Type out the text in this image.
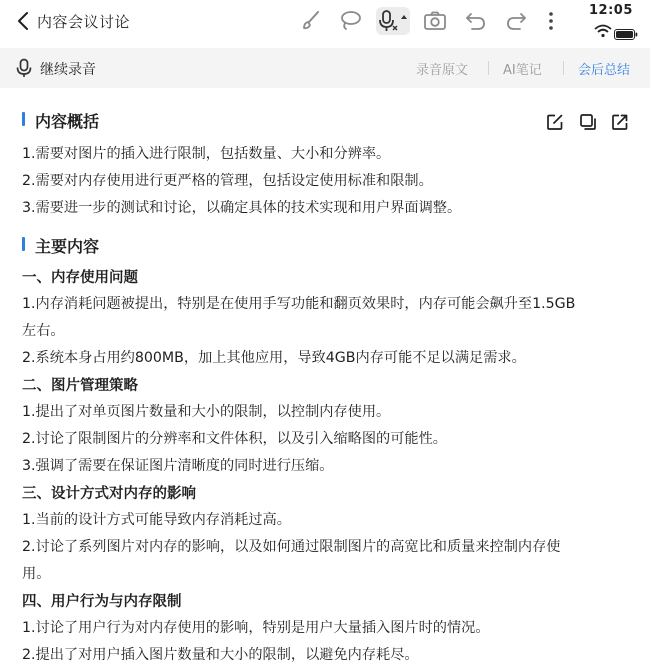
内容会议讨论
12:05
继续录音	录音原文	AI笔记	会后总结
内容概括
1.需要对图片的插入进行限制，包括数量、大小和分辨率。
2.需要对内存使用进行更严格的管理，包括设定使用标准和限制。
3.需要进一步的测试和讨论，以确定具体的技术实现和用户界面调整。
主要内容
一、内存使用问题
1.内存消耗问题被提出，特别是在使用手写功能和翻页效果时，内存可能会飙升至1.5GB
左右。
2.系统本身占用约800MB，加上其他应用，导致4GB内存可能不足以满足需求。
二、图片管理策略
1.提出了对单页图片数量和大小的限制，以控制内存使用。
2.讨论了限制图片的分辨率和文件体积，以及引入缩略图的可能性。
3.强调了需要在保证图片清晰度的同时进行压缩。
三、设计方式对内存的影响
1.当前的设计方式可能导致内存消耗过高。
2.讨论了系列图片对内存的影响，以及如何通过限制图片的高宽比和质量来控制内存使
用。
四、用户行为与内存限制
1.讨论了用户行为对内存使用的影响，特别是用户大量插入图片时的情况。
2.提出了对用户插入图片数量和大小的限制，以避免内存耗尽。
